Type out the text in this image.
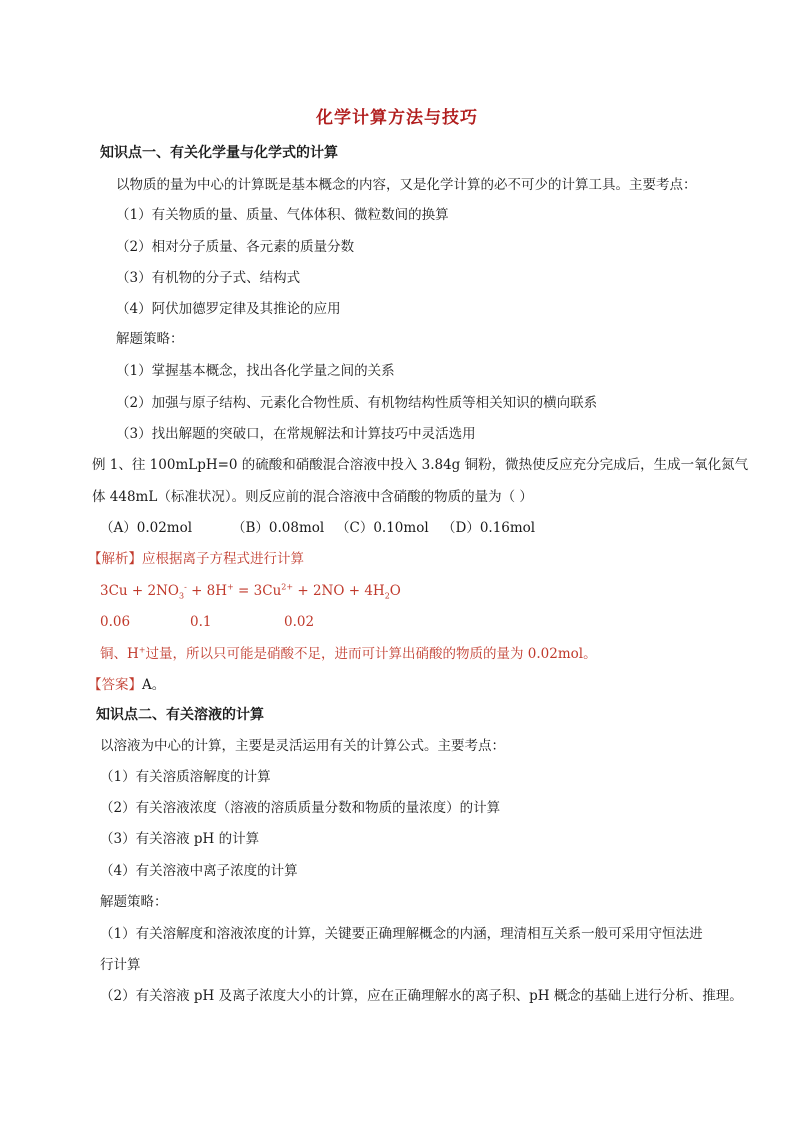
化学计算方法与技巧
知识点一、有关化学量与化学式的计算
以物质的量为中心的计算既是基本概念的内容，又是化学计算的必不可少的计算工具。主要考点：
（1）有关物质的量、质量、气体体积、微粒数间的换算
（2）相对分子质量、各元素的质量分数
（3）有机物的分子式、结构式
（4）阿伏加德罗定律及其推论的应用
解题策略：
（1）掌握基本概念，找出各化学量之间的关系
（2）加强与原子结构、元素化合物性质、有机物结构性质等相关知识的横向联系
（3）找出解题的突破口，在常规解法和计算技巧中灵活选用
例 1、往 100mLpH=0 的硫酸和硝酸混合溶液中投入 3.84g 铜粉，微热使反应充分完成后，生成一氧化氮气
体 448mL（标准状况）。则反应前的混合溶液中含硝酸的物质的量为（ ）
（A）0.02mol	（B）0.08mol （C）0.10mol （D）0.16mol
【解析】应根据离子方程式进行计算
$3Cu + 2NO_3^- + 8H^+ = 3Cu^{2+} + 2NO + 4H_2O$
0.06	0.1	0.02
铜、H+过量，所以只可能是硝酸不足，进而可计算出硝酸的物质的量为 0.02mol。
【答案】A。
知识点二、有关溶液的计算
以溶液为中心的计算，主要是灵活运用有关的计算公式。主要考点：
（1）有关溶质溶解度的计算
（2）有关溶液浓度（溶液的溶质质量分数和物质的量浓度）的计算
（3）有关溶液 pH 的计算
（4）有关溶液中离子浓度的计算
解题策略：
（1）有关溶解度和溶液浓度的计算，关键要正确理解概念的内涵，理清相互关系一般可采用守恒法进
行计算
（2）有关溶液 pH 及离子浓度大小的计算，应在正确理解水的离子积、pH 概念的基础上进行分析、推理。
